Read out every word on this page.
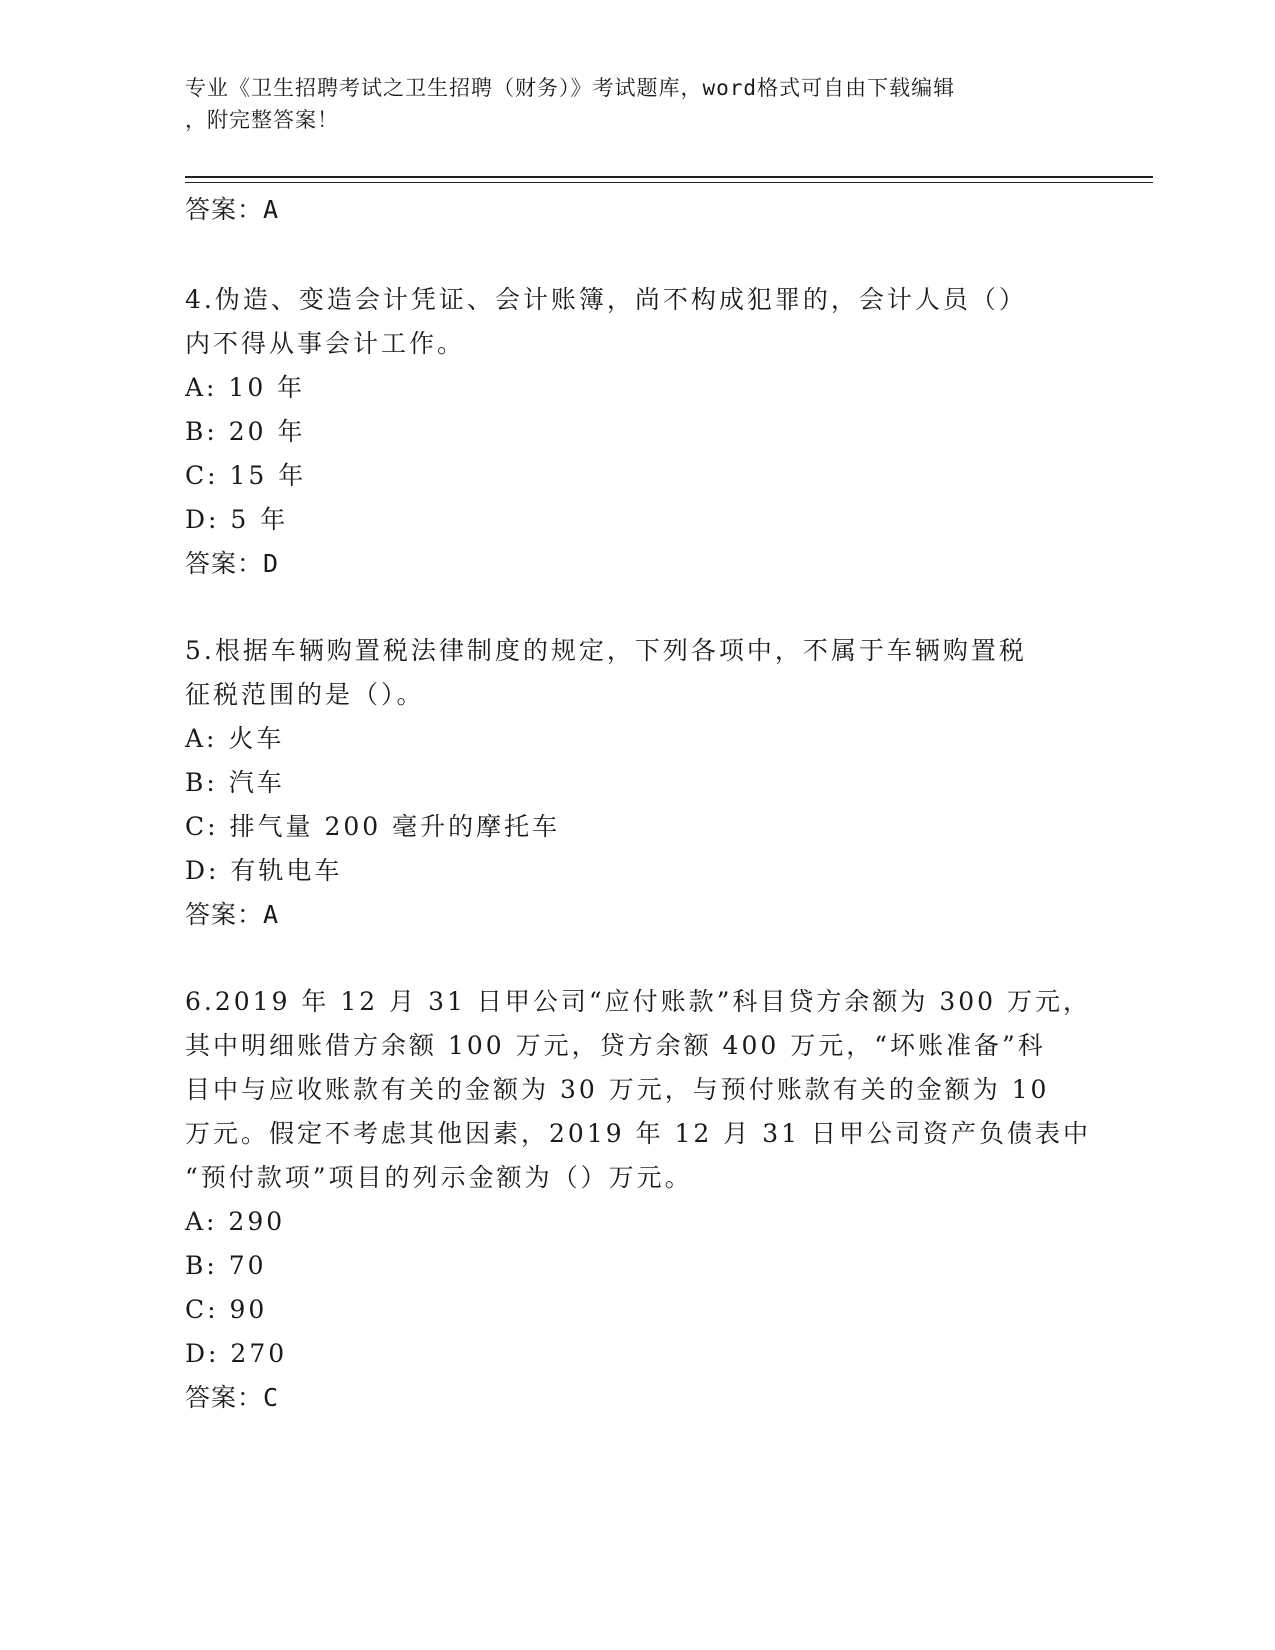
专业《卫生招聘考试之卫生招聘（财务）》考试题库，word格式可自由下载编辑
，附完整答案！
答案：A
4.伪造、变造会计凭证、会计账簿，尚不构成犯罪的，会计人员（）
内不得从事会计工作。
A: 10 年
B: 20 年
C: 15 年
D: 5 年
答案：D
5.根据车辆购置税法律制度的规定，下列各项中，不属于车辆购置税
征税范围的是（）。
A: 火车
B: 汽车
C: 排气量 200 毫升的摩托车
D: 有轨电车
答案：A
6.2019 年 12 月 31 日甲公司“应付账款”科目贷方余额为 300 万元，
其中明细账借方余额 100 万元，贷方余额 400 万元，“坏账准备”科
目中与应收账款有关的金额为 30 万元，与预付账款有关的金额为 10
万元。假定不考虑其他因素，2019 年 12 月 31 日甲公司资产负债表中
“预付款项”项目的列示金额为（）万元。
A: 290
B: 70
C: 90
D: 270
答案：C
